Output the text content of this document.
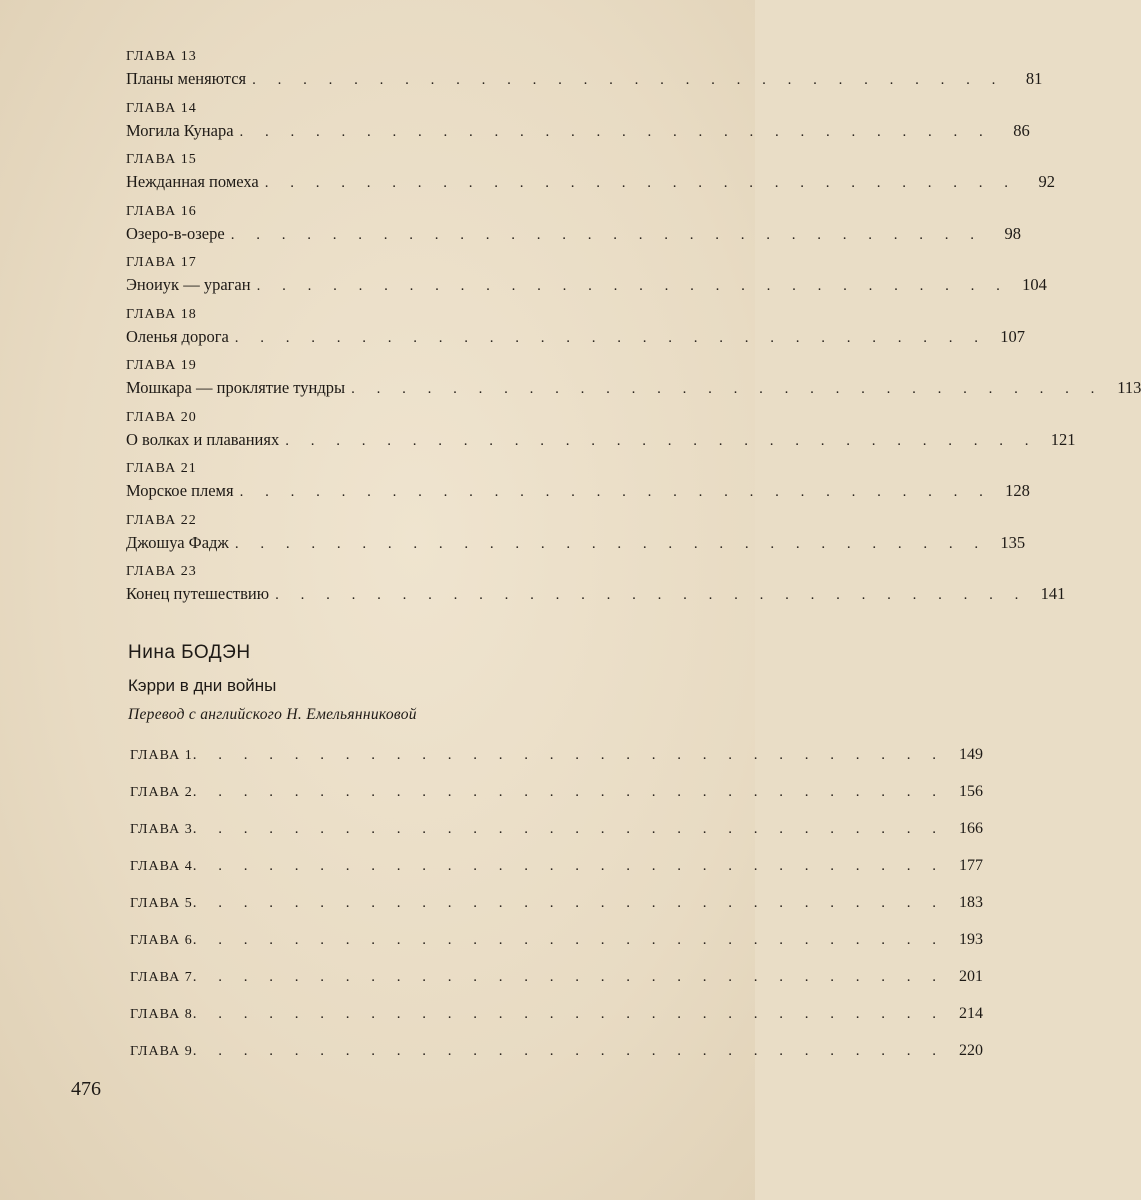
ГЛАВА 13
Планы меняются . . . . . . . . . . . . . . . . . . . . . . . . . . . . . .	81
ГЛАВА 14
Могила Кунара . . . . . . . . . . . . . . . . . . . . . . . . . . . . . .	86
ГЛАВА 15
Нежданная помеха . . . . . . . . . . . . . . . . . . . . . . . . . . . . . .	92
ГЛАВА 16
Озеро-в-озере . . . . . . . . . . . . . . . . . . . . . . . . . . . . . .	98
ГЛАВА 17
Эноиук — ураган . . . . . . . . . . . . . . . . . . . . . . . . . . . . . . 104
ГЛАВА 18
Оленья дорога . . . . . . . . . . . . . . . . . . . . . . . . . . . . . . 107
ГЛАВА 19
Мошкара — проклятие тундры . . . . . . . . . . . . . . . . . . . . . . . . . . . . . . 113
ГЛАВА 20
О волках и плаваниях . . . . . . . . . . . . . . . . . . . . . . . . . . . . . . 121
ГЛАВА 21
Морское племя . . . . . . . . . . . . . . . . . . . . . . . . . . . . . . 128
ГЛАВА 22
Джошуа Фадж . . . . . . . . . . . . . . . . . . . . . . . . . . . . . . 135
ГЛАВА 23
Конец путешествию . . . . . . . . . . . . . . . . . . . . . . . . . . . . . . 141
Нина БОДЭН
Кэрри в дни войны
Перевод с английского Н. Емельянниковой
ГЛАВА 1 . . . . . . . . . . . . . . . . . . . . . . . . . . . . . . 149
ГЛАВА 2 . . . . . . . . . . . . . . . . . . . . . . . . . . . . . . 156
ГЛАВА 3 . . . . . . . . . . . . . . . . . . . . . . . . . . . . . . 166
ГЛАВА 4 . . . . . . . . . . . . . . . . . . . . . . . . . . . . . . 177
ГЛАВА 5 . . . . . . . . . . . . . . . . . . . . . . . . . . . . . . 183
ГЛАВА 6 . . . . . . . . . . . . . . . . . . . . . . . . . . . . . . 193
ГЛАВА 7 . . . . . . . . . . . . . . . . . . . . . . . . . . . . . . 201
ГЛАВА 8 . . . . . . . . . . . . . . . . . . . . . . . . . . . . . . 214
ГЛАВА 9 . . . . . . . . . . . . . . . . . . . . . . . . . . . . . . 220
476
